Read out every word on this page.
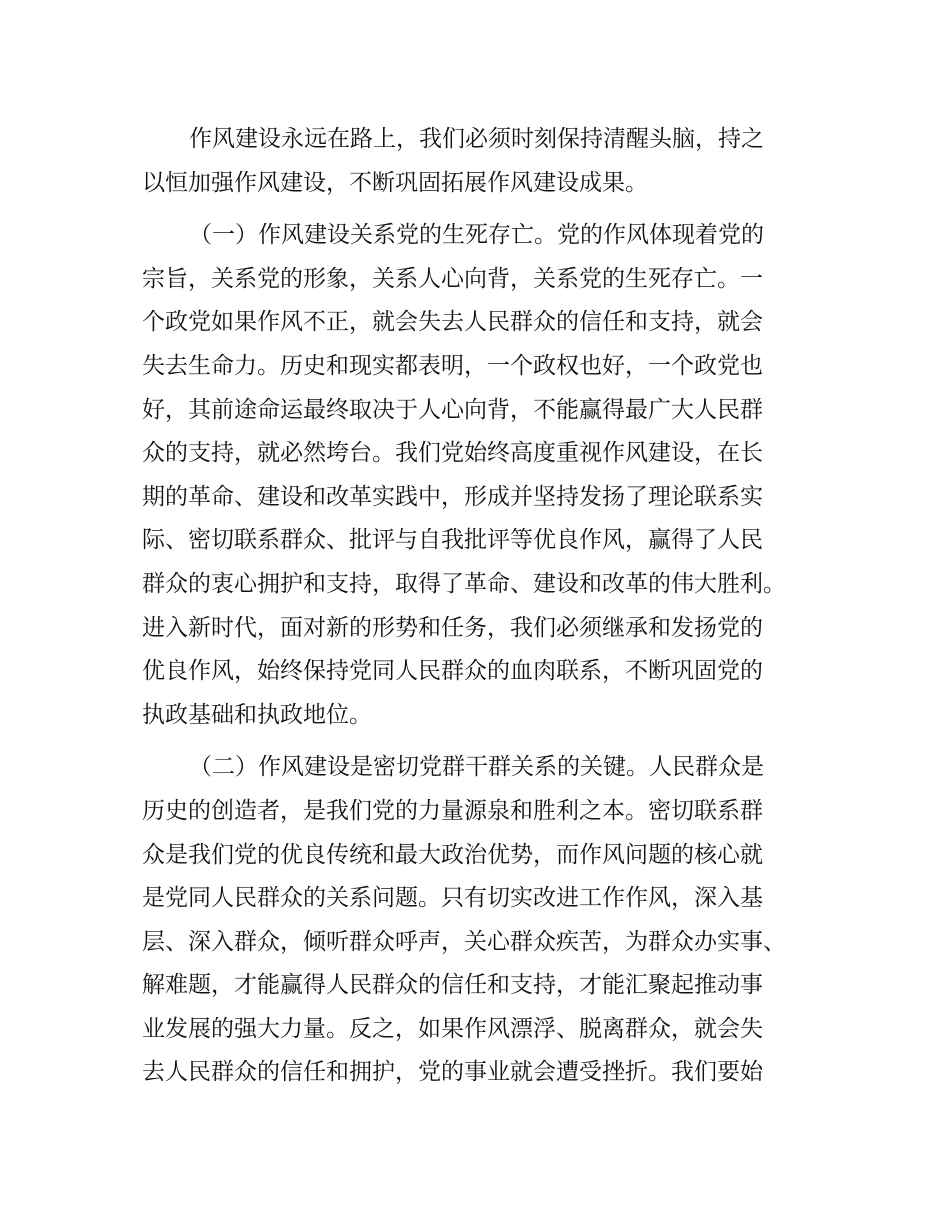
作风建设永远在路上，我们必须时刻保持清醒头脑，持之
以恒加强作风建设，不断巩固拓展作风建设成果。
（一）作风建设关系党的生死存亡。党的作风体现着党的
宗旨，关系党的形象，关系人心向背，关系党的生死存亡。一
个政党如果作风不正，就会失去人民群众的信任和支持，就会
失去生命力。历史和现实都表明，一个政权也好，一个政党也
好，其前途命运最终取决于人心向背，不能赢得最广大人民群
众的支持，就必然垮台。我们党始终高度重视作风建设，在长
期的革命、建设和改革实践中，形成并坚持发扬了理论联系实
际、密切联系群众、批评与自我批评等优良作风，赢得了人民
群众的衷心拥护和支持，取得了革命、建设和改革的伟大胜利。
进入新时代，面对新的形势和任务，我们必须继承和发扬党的
优良作风，始终保持党同人民群众的血肉联系，不断巩固党的
执政基础和执政地位。
（二）作风建设是密切党群干群关系的关键。人民群众是
历史的创造者，是我们党的力量源泉和胜利之本。密切联系群
众是我们党的优良传统和最大政治优势，而作风问题的核心就
是党同人民群众的关系问题。只有切实改进工作作风，深入基
层、深入群众，倾听群众呼声，关心群众疾苦，为群众办实事、
解难题，才能赢得人民群众的信任和支持，才能汇聚起推动事
业发展的强大力量。反之，如果作风漂浮、脱离群众，就会失
去人民群众的信任和拥护，党的事业就会遭受挫折。我们要始
